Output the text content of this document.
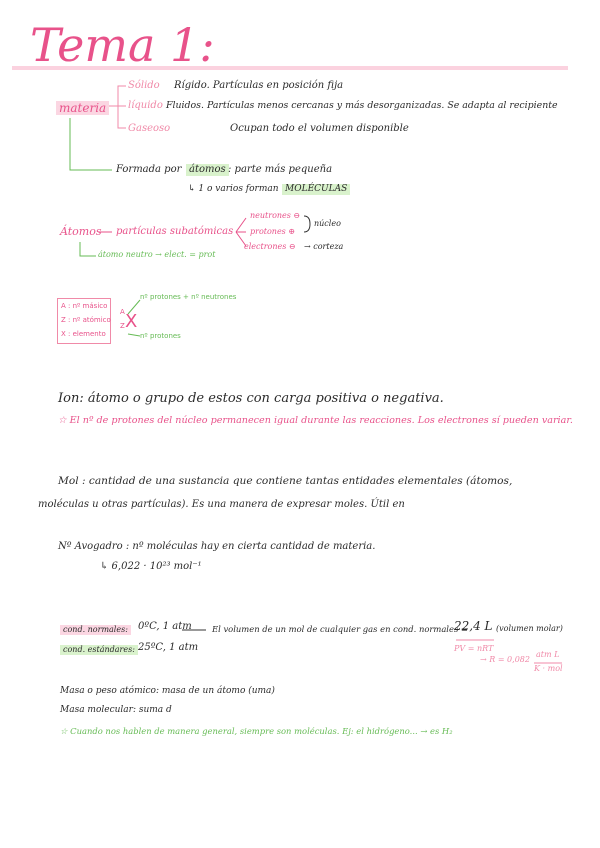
Tema 1:
materia
Sólido Rígido. Partículas en posición fija
líquido Fluidos. Partículas menos cercanas y más desorganizadas. Se adapta al recipiente
Gaseoso	Ocupan todo el volumen disponible
Formada por átomos : parte más pequeña
↳ 1 o varios forman MOLÉCULAS
Átomos partículas subatómicas
neutrones ⊖
protones ⊕
electrones ⊖
núcleo
→ corteza
átomo neutro → elect. = prot
A : nº másico
Z : nº atómico
X : elemento
A X
Z
nº protones + nº neutrones
nº protones
Ion: átomo o grupo de estos con carga positiva o negativa.
☆ El nº de protones del núcleo permanecen igual durante las reacciones. Los electrones sí pueden variar.
Mol : cantidad de una sustancia que contiene tantas entidades elementales (átomos,
moléculas u otras partículas). Es una manera de expresar moles. Útil en
Nº Avogadro : nº moléculas hay en cierta cantidad de materia.
↳ 6,022 · 10²³ mol⁻¹
cond. normales:	0ºC, 1 atm El volumen de un mol de cualquier gas en cond. normales =
22,4 L (volumen molar)
cond. estándares: 25ºC, 1 atm	PV = nRT
→ R = 0,082
atm L
K · mol
Masa o peso atómico: masa de un átomo (uma)
Masa molecular: suma d
☆ Cuando nos hablen de manera general, siempre son moléculas. Ej: el hidrógeno... → es H₂
